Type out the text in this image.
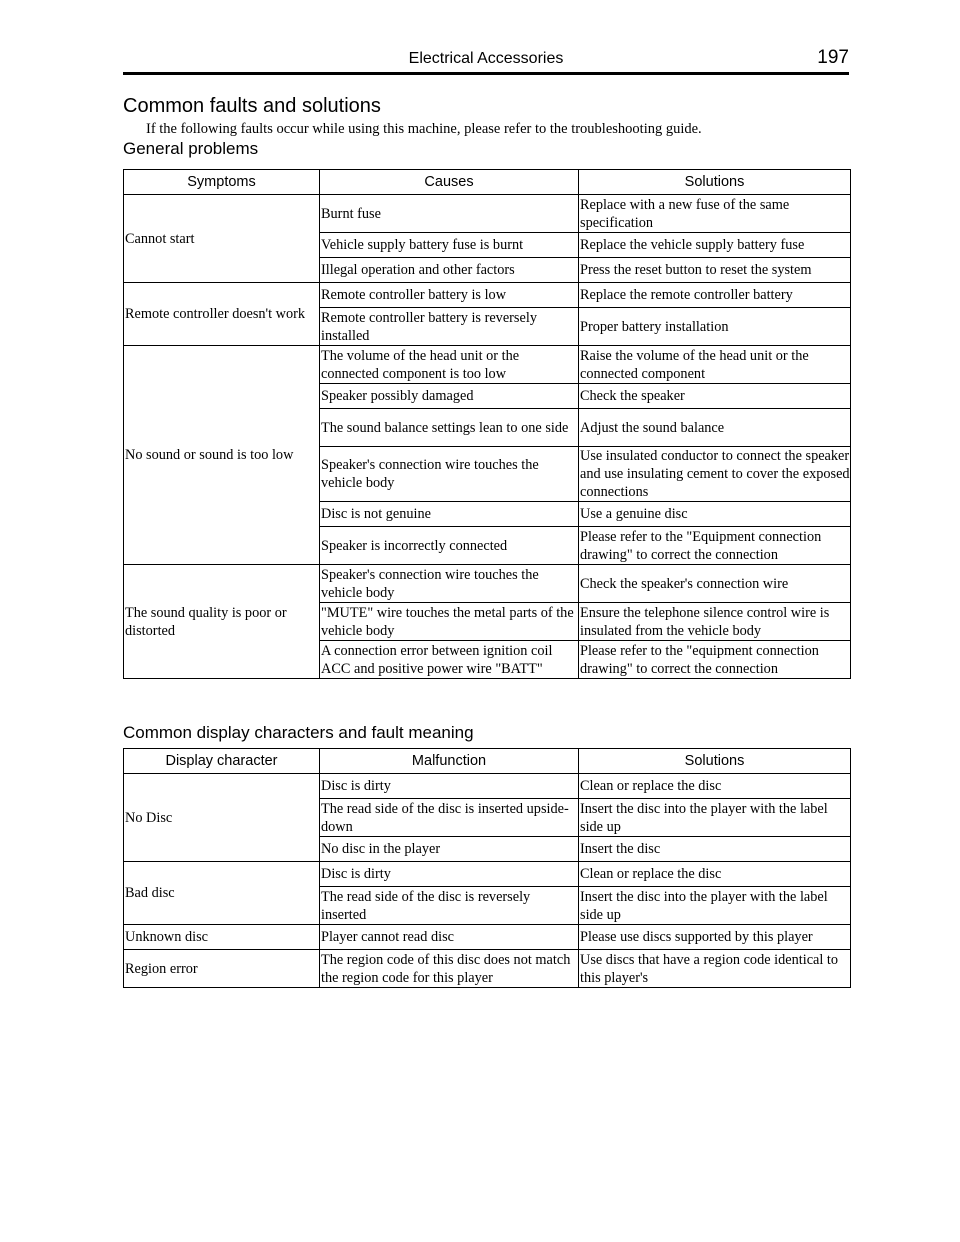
Electrical Accessories	197
Common faults and solutions

If the following faults occur while using this machine, please refer to the troubleshooting guide.

General problems
Symptoms	Causes	Solutions
Cannot start	Burnt fuse	Replace with a new fuse of the same specification
	Vehicle supply battery fuse is burnt	Replace the vehicle supply battery fuse
	Illegal operation and other factors	Press the reset button to reset the system
Remote controller doesn't work	Remote controller battery is low	Replace the remote controller battery
	Remote controller battery is reversely installed	Proper battery installation
No sound or sound is too low	The volume of the head unit or the connected component is too low	Raise the volume of the head unit or the connected component
	Speaker possibly damaged	Check the speaker
	The sound balance settings lean to one side	Adjust the sound balance
	Speaker's connection wire touches the vehicle body	Use insulated conductor to connect the speaker and use insulating cement to cover the exposed connections
	Disc is not genuine	Use a genuine disc
	Speaker is incorrectly connected	Please refer to the "Equipment connection drawing" to correct the connection
The sound quality is poor or distorted	Speaker's connection wire touches the vehicle body	Check the speaker's connection wire
	"MUTE" wire touches the metal parts of the vehicle body	Ensure the telephone silence control wire is insulated from the vehicle body
	A connection error between ignition coil ACC and positive power wire "BATT"	Please refer to the "equipment connection drawing" to correct the connection
Common display characters and fault meaning
Display character	Malfunction	Solutions
No Disc	Disc is dirty	Clean or replace the disc
	The read side of the disc is inserted upside-down	Insert the disc into the player with the label side up
	No disc in the player	Insert the disc
Bad disc	Disc is dirty	Clean or replace the disc
	The read side of the disc is reversely inserted	Insert the disc into the player with the label side up
Unknown disc	Player cannot read disc	Please use discs supported by this player
Region error	The region code of this disc does not match the region code for this player	Use discs that have a region code identical to this player's
